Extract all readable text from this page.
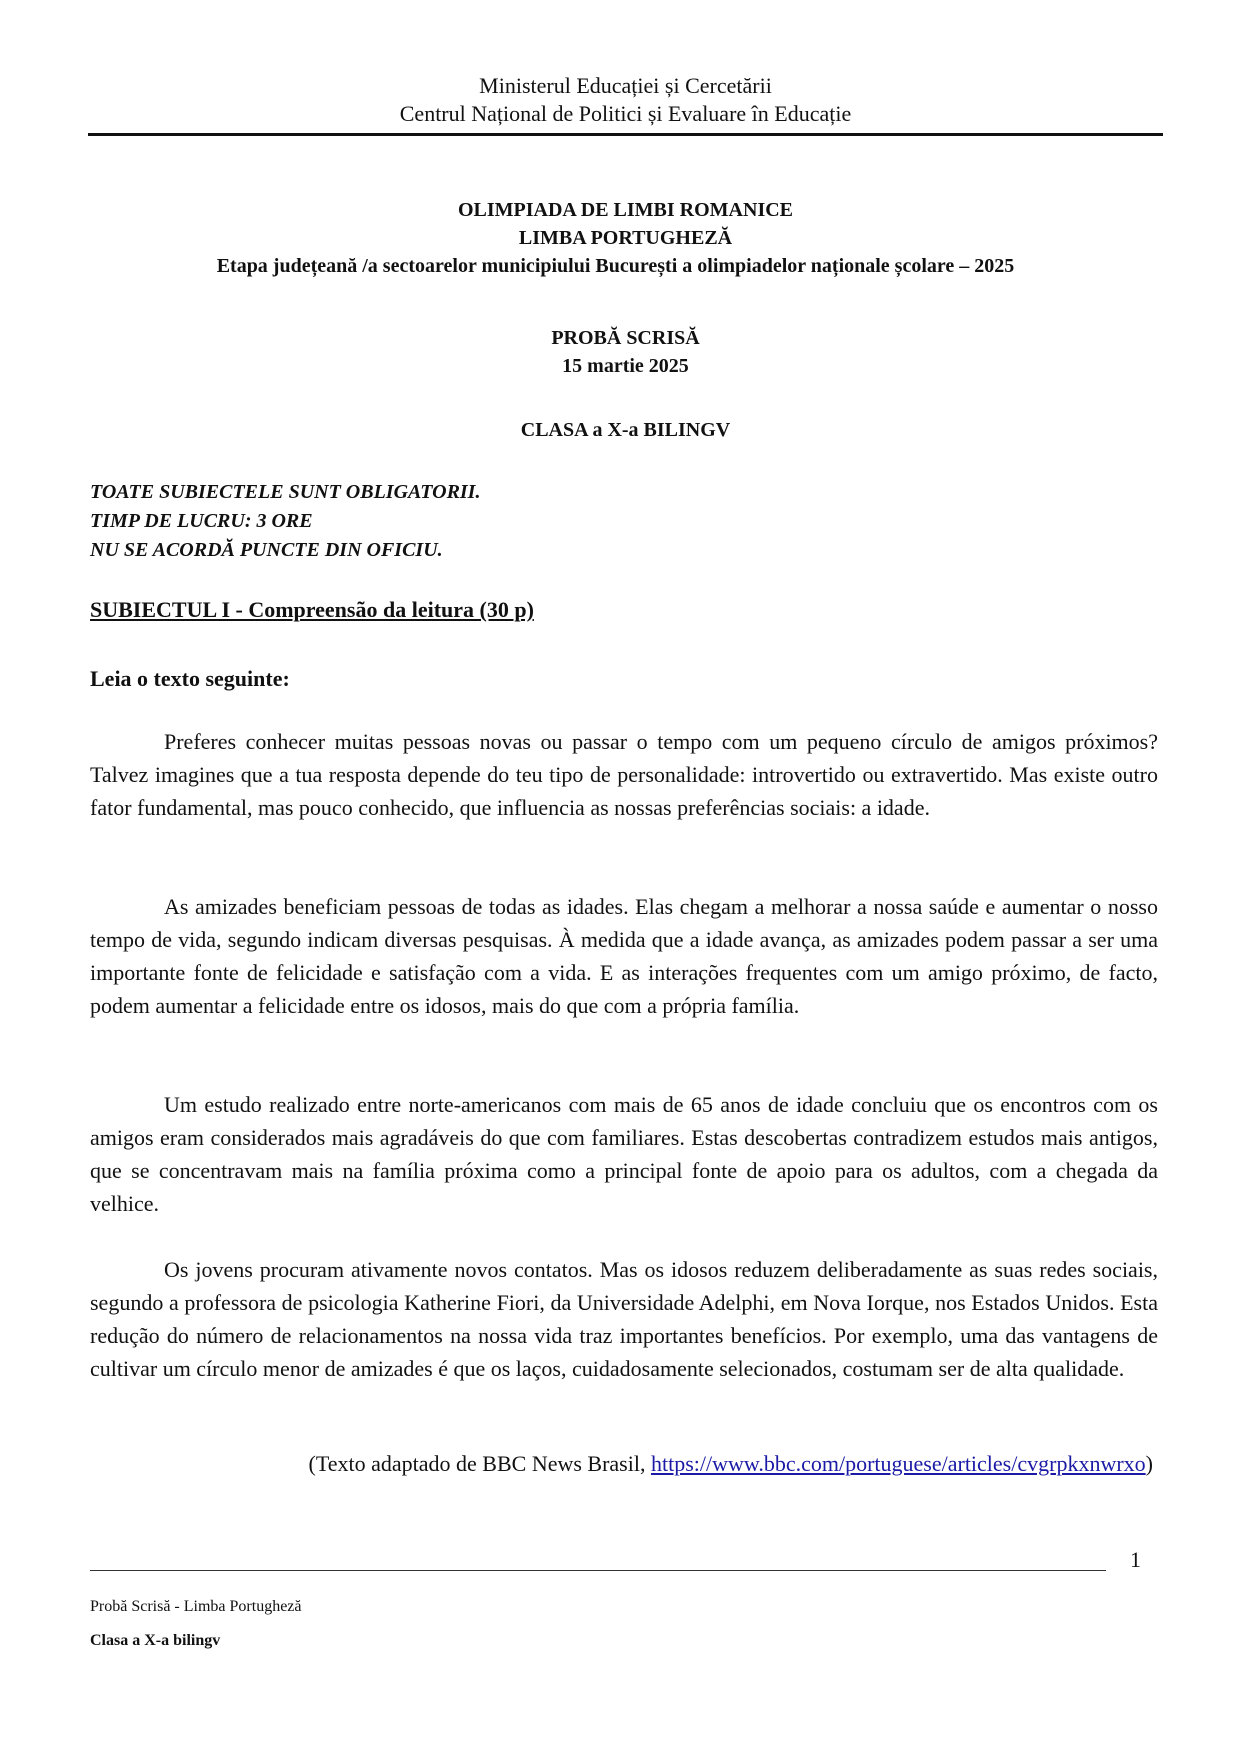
Ministerul Educației și Cercetării
Centrul Național de Politici și Evaluare în Educație
OLIMPIADA DE LIMBI ROMANICE
LIMBA PORTUGHEZĂ
Etapa județeană /a sectoarelor municipiului București a olimpiadelor naționale școlare – 2025
PROBĂ SCRISĂ
15 martie 2025
CLASA a X-a BILINGV
TOATE SUBIECTELE SUNT OBLIGATORII.
TIMP DE LUCRU: 3 ORE
NU SE ACORDĂ PUNCTE DIN OFICIU.
SUBIECTUL I - Compreensão da leitura (30 p)
Leia o texto seguinte:

Preferes conhecer muitas pessoas novas ou passar o tempo com um pequeno círculo de amigos próximos? Talvez imagines que a tua resposta depende do teu tipo de personalidade: introvertido ou extravertido. Mas existe outro fator fundamental, mas pouco conhecido, que influencia as nossas preferências sociais: a idade.

As amizades beneficiam pessoas de todas as idades. Elas chegam a melhorar a nossa saúde e aumentar o nosso tempo de vida, segundo indicam diversas pesquisas. À medida que a idade avança, as amizades podem passar a ser uma importante fonte de felicidade e satisfação com a vida. E as interações frequentes com um amigo próximo, de facto, podem aumentar a felicidade entre os idosos, mais do que com a própria família.

Um estudo realizado entre norte-americanos com mais de 65 anos de idade concluiu que os encontros com os amigos eram considerados mais agradáveis do que com familiares. Estas descobertas contradizem estudos mais antigos, que se concentravam mais na família próxima como a principal fonte de apoio para os adultos, com a chegada da velhice.

Os jovens procuram ativamente novos contatos. Mas os idosos reduzem deliberadamente as suas redes sociais, segundo a professora de psicologia Katherine Fiori, da Universidade Adelphi, em Nova Iorque, nos Estados Unidos. Esta redução do número de relacionamentos na nossa vida traz importantes benefícios. Por exemplo, uma das vantagens de cultivar um círculo menor de amizades é que os laços, cuidadosamente selecionados, costumam ser de alta qualidade.

(Texto adaptado de BBC News Brasil, https://www.bbc.com/portuguese/articles/cvgrpkxnwrxo)
1
Probă Scrisă - Limba Portugheză
Clasa a X-a bilingv
